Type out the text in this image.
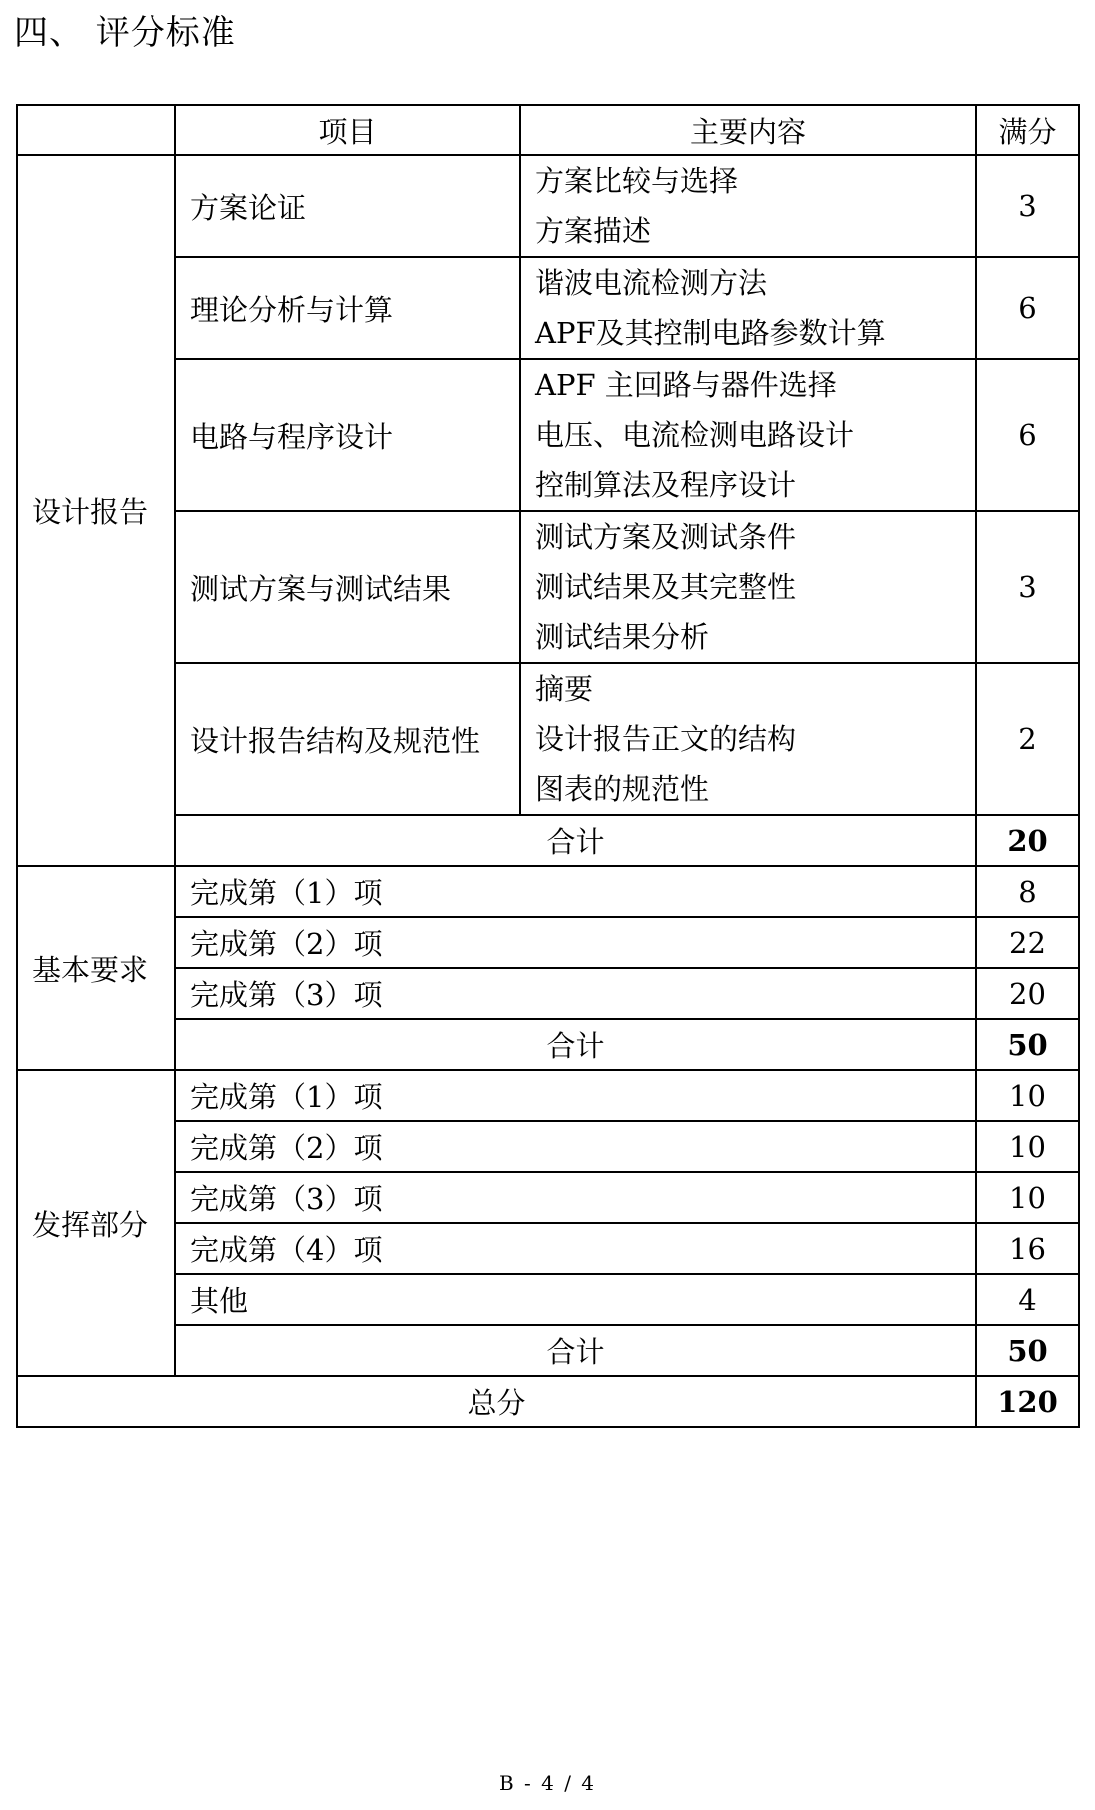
四、 评分标准
	项目	主要内容	满分
设计报告	方案论证	方案比较与选择
方案描述	3
	理论分析与计算	谐波电流检测方法
APF及其控制电路参数计算	6
	电路与程序设计	APF 主回路与器件选择
电压、电流检测电路设计
控制算法及程序设计	6
	测试方案与测试结果	测试方案及测试条件
测试结果及其完整性
测试结果分析	3
	设计报告结构及规范性	摘要
设计报告正文的结构
图表的规范性	2
	合计		20
基本要求	完成第（1）项		8
	完成第（2）项		22
	完成第（3）项		20
	合计		50
发挥部分	完成第（1）项		10
	完成第（2）项		10
	完成第（3）项		10
	完成第（4）项		16
	其他		4
	合计		50
总分			120
B - 4 / 4
